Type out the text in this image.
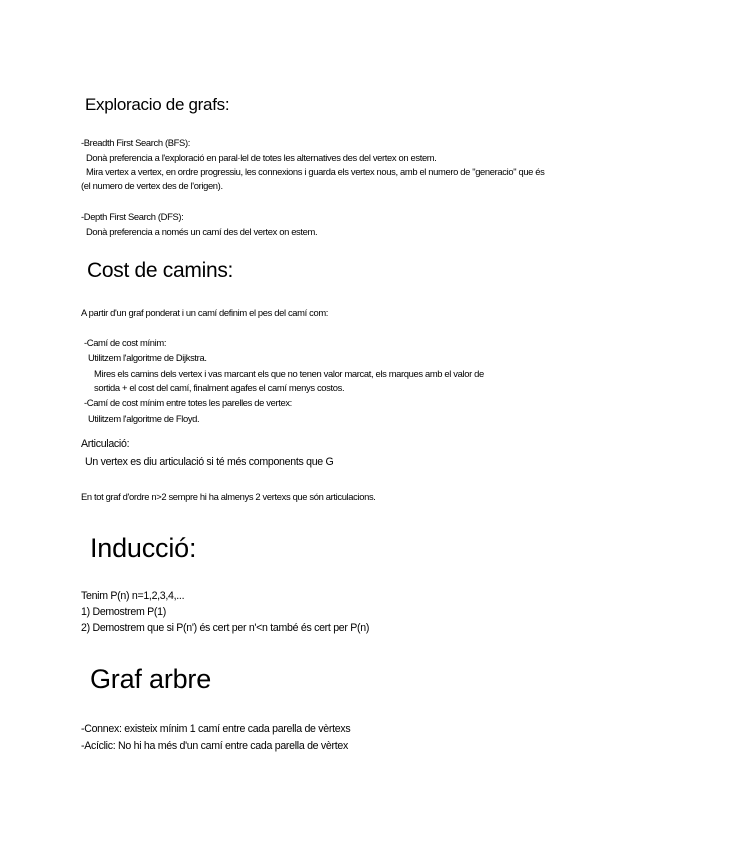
Exploracio de grafs:

-Breadth First Search (BFS):

Donà preferencia a l'exploració en paral·lel de totes les alternatives des del vertex on estem.

Mira vertex a vertex, en ordre progressiu, les connexions i guarda els vertex nous, amb el numero de "generacio" que és

(el numero de vertex des de l'origen).

-Depth First Search (DFS):

Donà preferencia a només un camí des del vertex on estem.

Cost de camins:

A partir d'un graf ponderat i un camí definim el pes del camí com:

-Camí de cost mínim:

Utilitzem l'algoritme de Dijkstra.

Mires els camins dels vertex i vas marcant els que no tenen valor marcat, els marques amb el valor de

sortida + el cost del camí, finalment agafes el camí menys costos.

-Camí de cost mínim entre totes les parelles de vertex:

Utilitzem l'algoritme de Floyd.

Articulació:

Un vertex es diu articulació si té més components que G

En tot graf d'ordre n>2 sempre hi ha almenys 2 vertexs que són articulacions.

Inducció:

Tenim P(n) n=1,2,3,4,...

1) Demostrem P(1)

2) Demostrem que si P(n') és cert per n'<n també és cert per P(n)

Graf arbre

-Connex: existeix mínim 1 camí entre cada parella de vèrtexs

-Acíclic: No hi ha més d'un camí entre cada parella de vèrtex
